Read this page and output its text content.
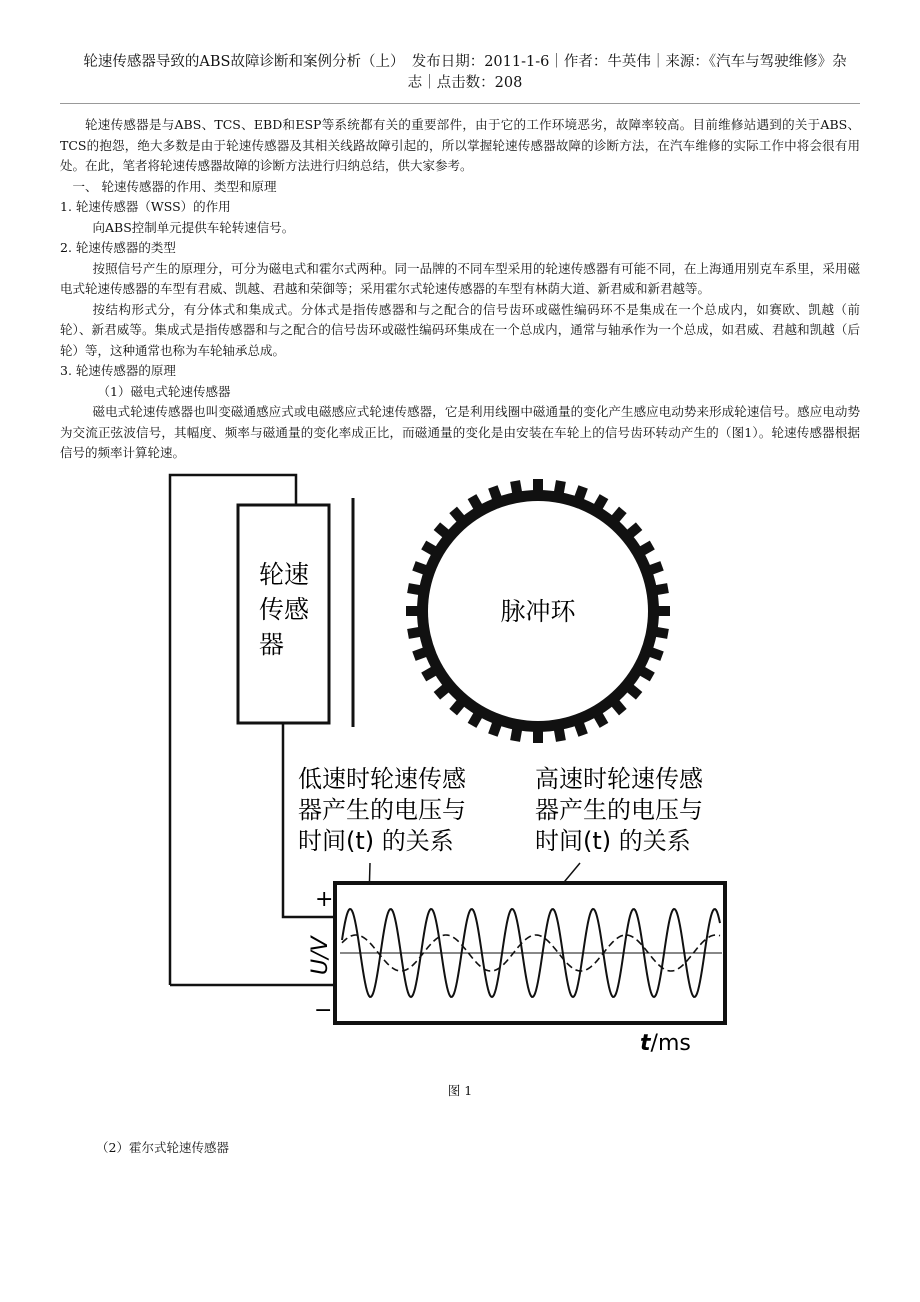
轮速传感器导致的ABS故障诊断和案例分析（上）　发布日期：2011-1-6｜作者：牛英伟｜来源：《汽车与驾驶维修》杂
志｜点击数：208

轮速传感器是与ABS、TCS、EBD和ESP等系统都有关的重要部件，由于它的工作环境恶劣，故障率较高。目前维修站遇到的关于ABS、TCS的抱怨，绝大多数是由于轮速传感器及其相关线路故障引起的，所以掌握轮速传感器故障的诊断方法，在汽车维修的实际工作中将会很有用处。在此，笔者将轮速传感器故障的诊断方法进行归纳总结，供大家参考。

一、 轮速传感器的作用、类型和原理

1. 轮速传感器（WSS）的作用

向ABS控制单元提供车轮转速信号。

2. 轮速传感器的类型

按照信号产生的原理分，可分为磁电式和霍尔式两种。同一品牌的不同车型采用的轮速传感器有可能不同，在上海通用别克车系里，采用磁电式轮速传感器的车型有君威、凯越、君越和荣御等；采用霍尔式轮速传感器的车型有林荫大道、新君威和新君越等。

按结构形式分，有分体式和集成式。分体式是指传感器和与之配合的信号齿环或磁性编码环不是集成在一个总成内，如赛欧、凯越（前轮）、新君威等。集成式是指传感器和与之配合的信号齿环或磁性编码环集成在一个总成内，通常与轴承作为一个总成，如君威、君越和凯越（后轮）等，这种通常也称为车轮轴承总成。

3. 轮速传感器的原理

（1）磁电式轮速传感器

磁电式轮速传感器也叫变磁通感应式或电磁感应式轮速传感器，它是利用线圈中磁通量的变化产生感应电动势来形成轮速信号。感应电动势为交流正弦波信号，其幅度、频率与磁通量的变化率成正比，而磁通量的变化是由安装在车轮上的信号齿环转动产生的（图1）。轮速传感器根据信号的频率计算轮速。

轮速
传感
器
脉冲环
低速时轮速传感
器产生的电压与
时间(t) 的关系
高速时轮速传感
器产生的电压与
时间(t) 的关系
+
−
U/V
t/ms
图 1
（2）霍尔式轮速传感器
